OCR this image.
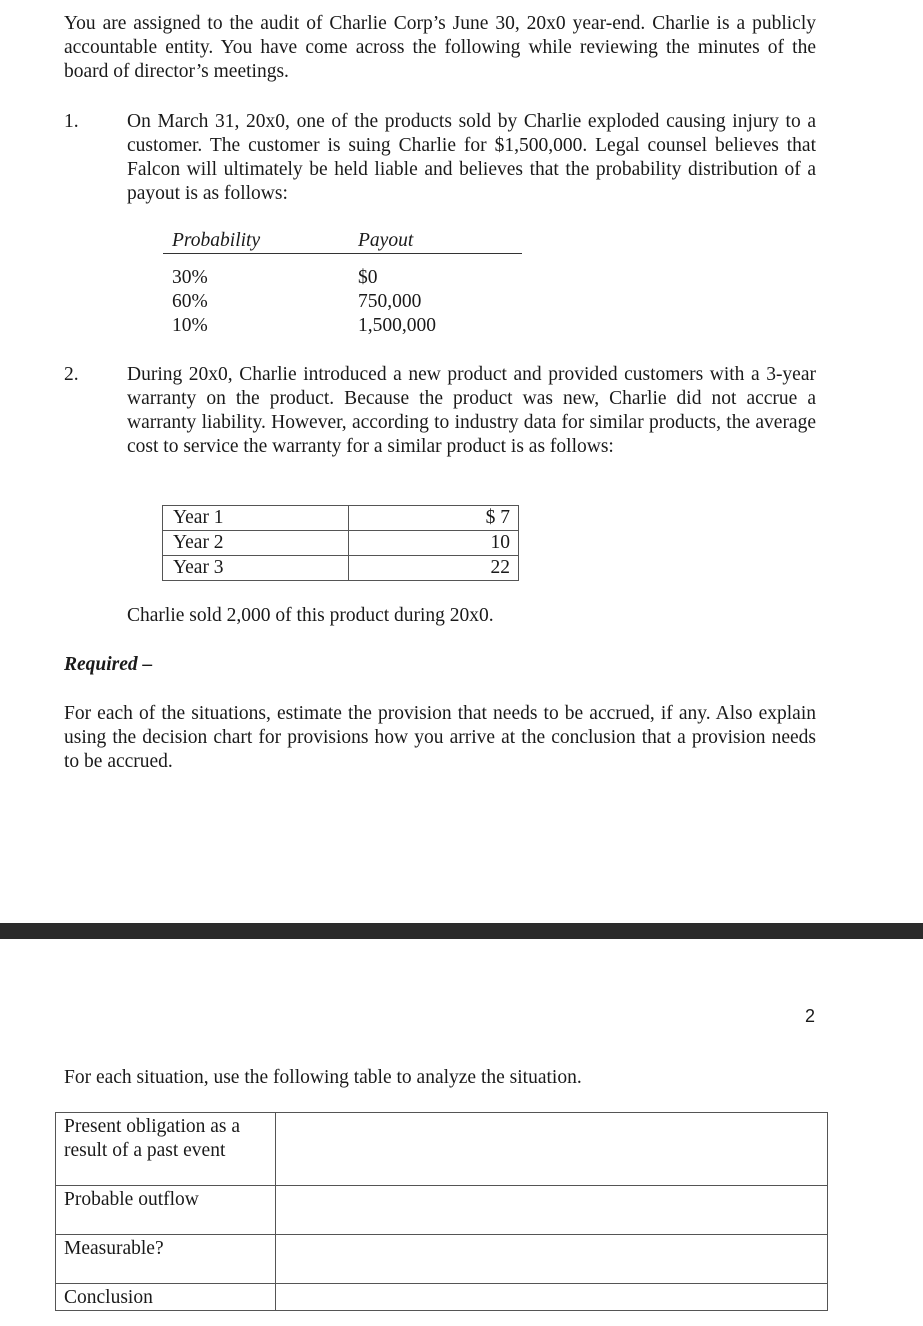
You are assigned to the audit of Charlie Corp’s June 30, 20x0 year-end. Charlie is a publicly accountable entity. You have come across the following while reviewing the minutes of the board of director’s meetings.

1. On March 31, 20x0, one of the products sold by Charlie exploded causing injury to a customer. The customer is suing Charlie for $1,500,000. Legal counsel believes that Falcon will ultimately be held liable and believes that the probability distribution of a payout is as follows:

Probability	Payout
30%	$0
60%	750,000
10%	1,500,000
2. During 20x0, Charlie introduced a new product and provided customers with a 3-year warranty on the product. Because the product was new, Charlie did not accrue a warranty liability. However, according to industry data for similar products, the average cost to service the warranty for a similar product is as follows:

Year 1	$ 7
Year 2	10
Year 3	22

Charlie sold 2,000 of this product during 20x0.

Required –

For each of the situations, estimate the provision that needs to be accrued, if any. Also explain using the decision chart for provisions how you arrive at the conclusion that a provision needs to be accrued.

2

For each situation, use the following table to analyze the situation.

Present obligation as a result of a past event	
Probable outflow	
Measurable?	
Conclusion	
